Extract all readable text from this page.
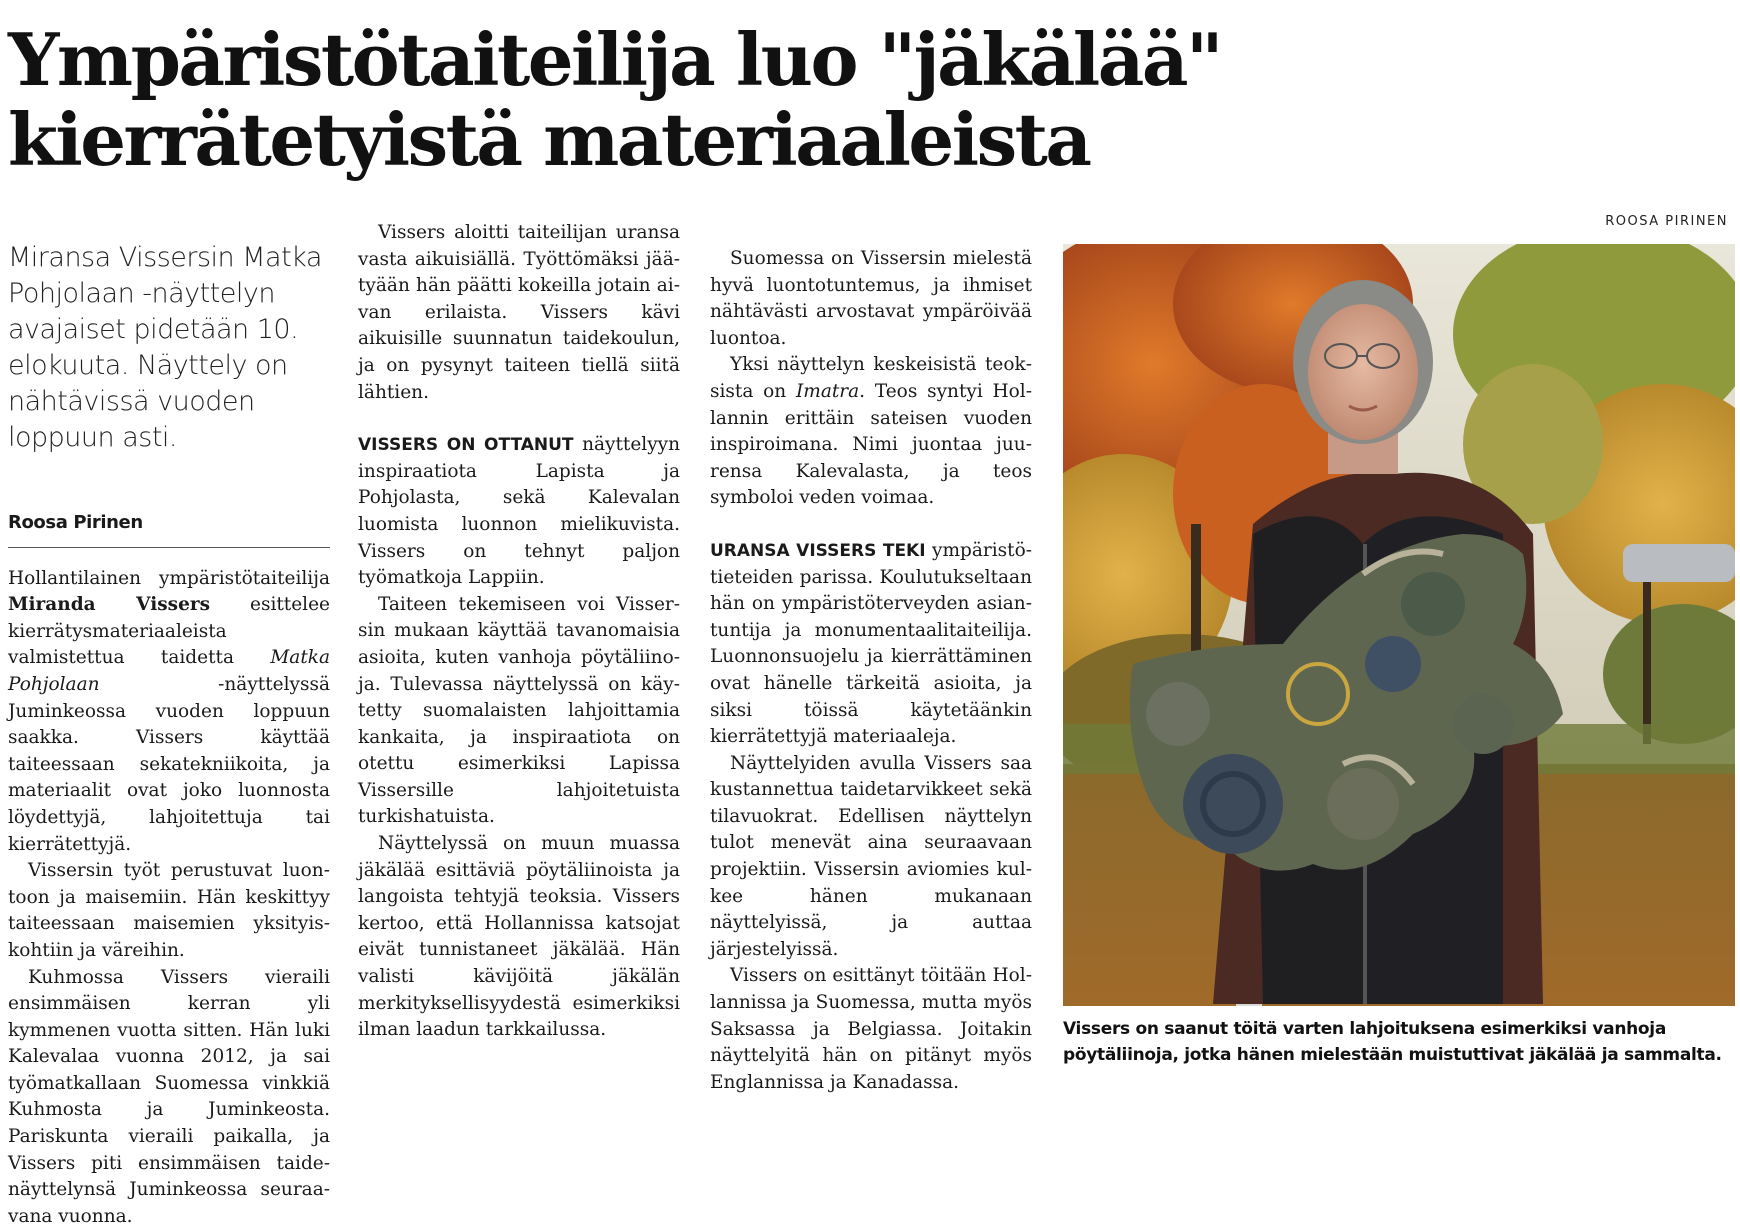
Ympäristötaiteilija luo "jäkälää"
kierrätetyistä materiaaleista
ROOSA PIRINEN
Miransa Vissersin Matka Pohjolaan -näyttelyn avajaiset pidetään 10. elokuuta. Näyttely on nähtävissä vuoden loppuun asti.
Roosa Pirinen

Hollantilainen ympäristötaiteilija Miranda Vissers esittelee kierrätysmateriaaleista valmistettua taidetta Matka Pohjolaan -näyttelyssä Juminkeossa vuoden loppuun saakka. Vissers käyttää taiteessaan sekatekniikoita, ja materiaalit ovat joko luonnosta löydettyjä, lahjoitettuja tai kierrätettyjä.

Vissersin työt perustuvat luontoon ja maisemiin. Hän keskittyy taiteessaan maisemien yksityiskohtiin ja väreihin.

Kuhmossa Vissers vieraili ensimmäisen kerran yli kymmenen vuotta sitten. Hän luki Kalevalaa vuonna 2012, ja sai työmatkallaan Suomessa vinkkiä Kuhmosta ja Juminkeosta. Pariskunta vieraili paikalla, ja Vissers piti ensimmäisen taidenäyttelynsä Juminkeossa seuraavana vuonna.

Vissers aloitti taiteilijan uransa vasta aikuisiällä. Työttömäksi jäätyään hän päätti kokeilla jotain aivan erilaista. Vissers kävi aikuisille suunnatun taidekoulun, ja on pysynyt taiteen tiellä siitä lähtien.

VISSERS ON OTTANUT näyttelyyn inspiraatiota Lapista ja Pohjolasta, sekä Kalevalan luomista luonnon mielikuvista. Vissers on tehnyt paljon työmatkoja Lappiin.

Taiteen tekemiseen voi Vissersin mukaan käyttää tavanomaisia asioita, kuten vanhoja pöytäliinoja. Tulevassa näyttelyssä on käytetty suomalaisten lahjoittamia kankaita, ja inspiraatiota on otettu esimerkiksi Lapissa Vissersille lahjoitetuista turkishatuista.

Näyttelyssä on muun muassa jäkälää esittäviä pöytäliinoista ja langoista tehtyjä teoksia. Vissers kertoo, että Hollannissa katsojat eivät tunnistaneet jäkälää. Hän valisti kävijöitä jäkälän merkityksellisyydestä esimerkiksi ilman laadun tarkkailussa.

Suomessa on Vissersin mielestä hyvä luontotuntemus, ja ihmiset nähtävästi arvostavat ympäröivää luontoa.

Yksi näyttelyn keskeisistä teoksista on Imatra. Teos syntyi Hollannin erittäin sateisen vuoden inspiroimana. Nimi juontaa juurensa Kalevalasta, ja teos symboloi veden voimaa.

URANSA VISSERS TEKI ympäristötieteiden parissa. Koulutukseltaan hän on ympäristöterveyden asiantuntija ja monumentaalitaiteilija. Luonnonsuojelu ja kierrättäminen ovat hänelle tärkeitä asioita, ja siksi töissä käytetäänkin kierrätettyjä materiaaleja.

Näyttelyiden avulla Vissers saa kustannettua taidetarvikkeet sekä tilavuokrat. Edellisen näyttelyn tulot menevät aina seuraavaan projektiin. Vissersin aviomies kulkee hänen mukanaan näyttelyissä, ja auttaa järjestelyissä.

Vissers on esittänyt töitään Hollannissa ja Suomessa, mutta myös Saksassa ja Belgiassa. Joitakin näyttelyitä hän on pitänyt myös Englannissa ja Kanadassa.

Vissers on saanut töitä varten lahjoituksena esimerkiksi vanhoja pöytäliinoja, jotka hänen mielestään muistuttivat jäkälää ja sammalta.
